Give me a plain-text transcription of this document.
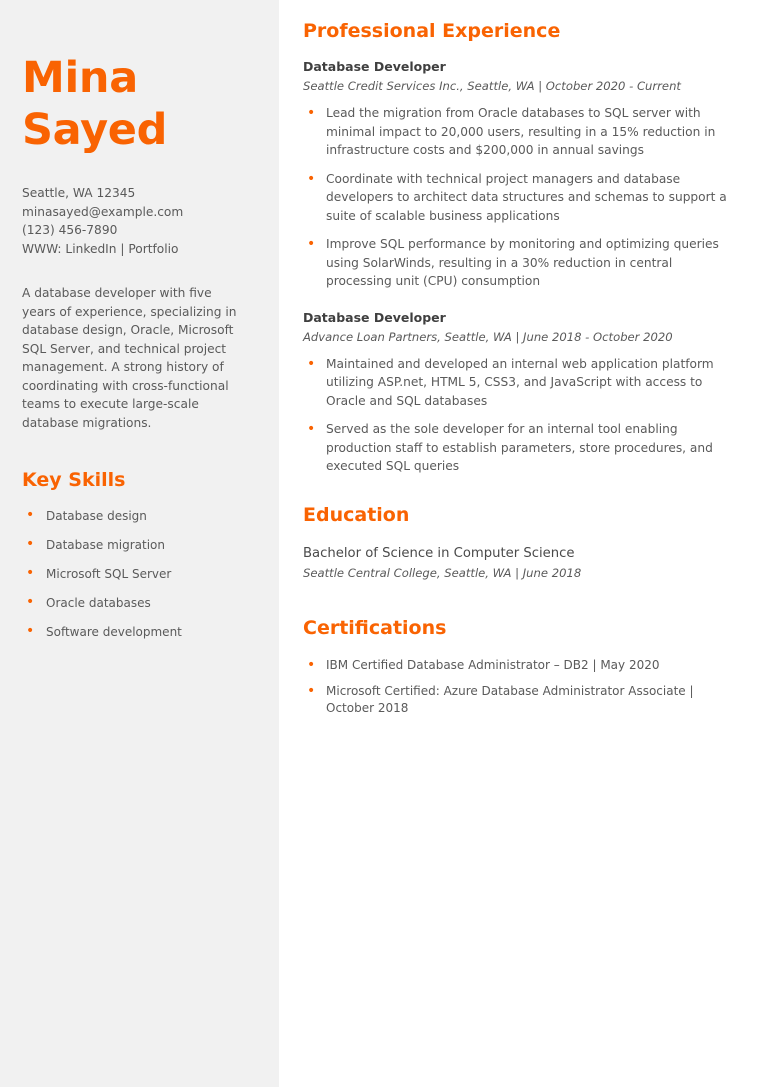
Mina
Sayed
Seattle, WA 12345
minasayed@example.com
(123) 456-7890
WWW: LinkedIn | Portfolio

A database developer with five years of experience, specializing in database design, Oracle, Microsoft SQL Server, and technical project management. A strong history of coordinating with cross-functional teams to execute large-scale database migrations.

Key Skills
• Database design
• Database migration
• Microsoft SQL Server
• Oracle databases
• Software development
Professional Experience
Database Developer
Seattle Credit Services Inc., Seattle, WA | October 2020 - Current
• Lead the migration from Oracle databases to SQL server with minimal impact to 20,000 users, resulting in a 15% reduction in infrastructure costs and $200,000 in annual savings
• Coordinate with technical project managers and database developers to architect data structures and schemas to support a suite of scalable business applications
• Improve SQL performance by monitoring and optimizing queries using SolarWinds, resulting in a 30% reduction in central processing unit (CPU) consumption
Database Developer
Advance Loan Partners, Seattle, WA | June 2018 - October 2020
• Maintained and developed an internal web application platform utilizing ASP.net, HTML 5, CSS3, and JavaScript with access to Oracle and SQL databases
• Served as the sole developer for an internal tool enabling production staff to establish parameters, store procedures, and executed SQL queries
Education
Bachelor of Science in Computer Science
Seattle Central College, Seattle, WA | June 2018
Certifications
• IBM Certified Database Administrator – DB2 | May 2020
• Microsoft Certified: Azure Database Administrator Associate | October 2018
